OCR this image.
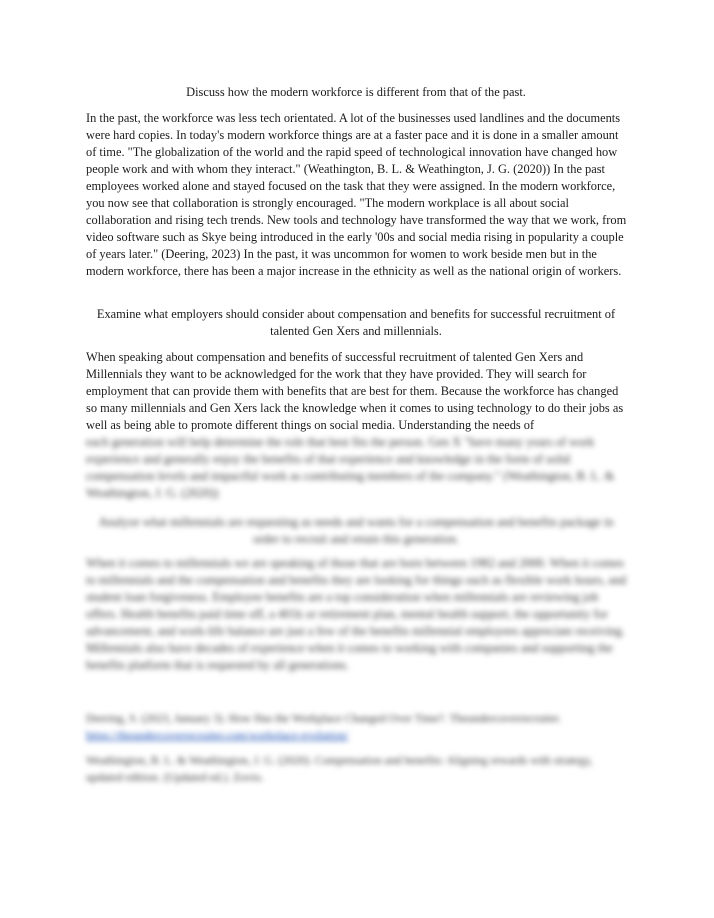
Discuss how the modern workforce is different from that of the past.

In the past, the workforce was less tech orientated. A lot of the businesses used landlines and the documents were hard copies. In today's modern workforce things are at a faster pace and it is done in a smaller amount of time. "The globalization of the world and the rapid speed of technological innovation have changed how people work and with whom they interact." (Weathington, B. L. & Weathington, J. G. (2020)) In the past employees worked alone and stayed focused on the task that they were assigned. In the modern workforce, you now see that collaboration is strongly encouraged. "The modern workplace is all about social collaboration and rising tech trends. New tools and technology have transformed the way that we work, from video software such as Skye being introduced in the early '00s and social media rising in popularity a couple of years later." (Deering, 2023) In the past, it was uncommon for women to work beside men but in the modern workforce, there has been a major increase in the ethnicity as well as the national origin of workers.

Examine what employers should consider about compensation and benefits for successful recruitment of talented Gen Xers and millennials.

When speaking about compensation and benefits of successful recruitment of talented Gen Xers and Millennials they want to be acknowledged for the work that they have provided. They will search for employment that can provide them with benefits that are best for them. Because the workforce has changed so many millennials and Gen Xers lack the knowledge when it comes to using technology to do their jobs as well as being able to promote different things on social media. Understanding the needs of

each generation will help determine the role that best fits the person. Gen X "have many years of work experience and generally enjoy the benefits of that experience and knowledge in the form of solid compensation levels and impactful work as contributing members of the company." (Weathington, B. L. & Weathington, J. G. (2020))

Analyze what millennials are requesting as needs and wants for a compensation and benefits package in order to recruit and retain this generation.

When it comes to millennials we are speaking of those that are born between 1982 and 2000. When it comes to millennials and the compensation and benefits they are looking for things such as flexible work hours, and student loan forgiveness. Employee benefits are a top consideration when millennials are reviewing job offers. Health benefits paid time off, a 401k or retirement plan, mental health support, the opportunity for advancement, and work-life balance are just a few of the benefits millennial employees appreciate receiving. Millennials also have decades of experience when it comes to working with companies and supporting the benefits platform that is requested by all generations.

Deering, S. (2023, January 3). How Has the Workplace Changed Over Time?. Theundercoverrecruiter.
https://theundercoverrecruiter.com/workplace-evolution/
Weathington, B. L. & Weathington, J. G. (2020). Compensation and benefits: Aligning rewards with strategy, updated edition. (Updated ed.). Zovio.
